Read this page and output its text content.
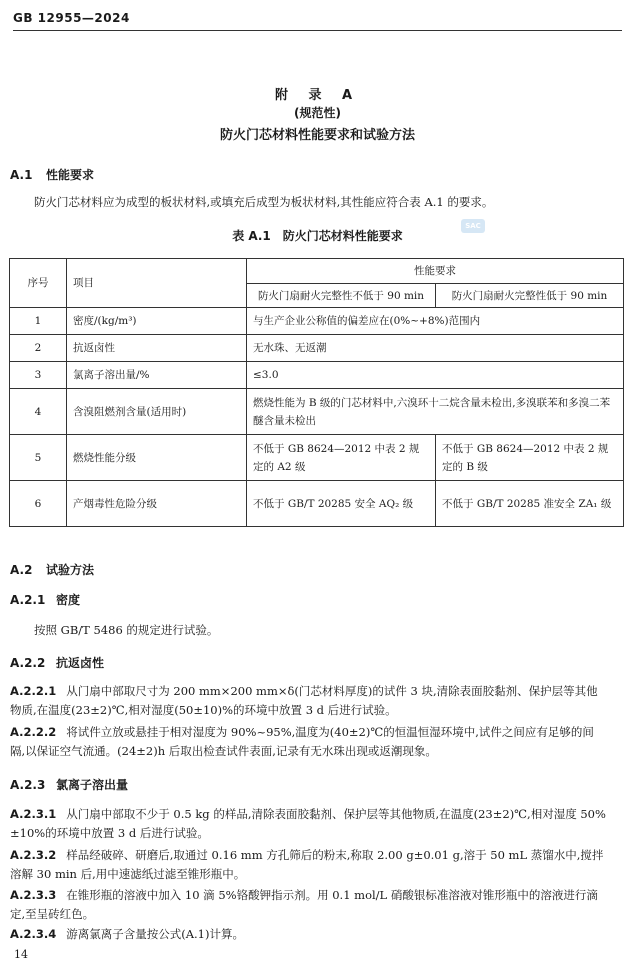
GB 12955—2024
附 录 A
(规范性)
防火门芯材料性能要求和试验方法
A.1 性能要求
防火门芯材料应为成型的板状材料,或填充后成型为板状材料,其性能应符合表 A.1 的要求。
SAC
表 A.1 防火门芯材料性能要求
序号	项目	性能要求	
		防火门扇耐火完整性不低于 90 min	防火门扇耐火完整性低于 90 min
1	密度/(kg/m³)	与生产企业公称值的偏差应在(0%~+8%)范围内	
2	抗返卤性	无水珠、无返潮	
3	氯离子溶出量/%	≤3.0	
4	含溴阻燃剂含量(适用时)	燃烧性能为 B 级的门芯材料中,六溴环十二烷含量未检出,多溴联苯和多溴二苯醚含量未检出	
5	燃烧性能分级	不低于 GB 8624—2012 中表 2 规定的 A2 级	不低于 GB 8624—2012 中表 2 规定的 B 级
6	产烟毒性危险分级	不低于 GB/T 20285 安全 AQ₂ 级	不低于 GB/T 20285 准安全 ZA₁ 级
A.2 试验方法
A.2.1 密度
按照 GB/T 5486 的规定进行试验。
A.2.2 抗返卤性
A.2.2.1 从门扇中部取尺寸为 200 mm×200 mm×δ(门芯材料厚度)的试件 3 块,清除表面胶黏剂、保护层等其他物质,在温度(23±2)℃,相对湿度(50±10)%的环境中放置 3 d 后进行试验。
A.2.2.2 将试件立放或悬挂于相对湿度为 90%~95%,温度为(40±2)℃的恒温恒湿环境中,试件之间应有足够的间隔,以保证空气流通。(24±2)h 后取出检查试件表面,记录有无水珠出现或返潮现象。
A.2.3 氯离子溶出量
A.2.3.1 从门扇中部取不少于 0.5 kg 的样品,清除表面胶黏剂、保护层等其他物质,在温度(23±2)℃,相对湿度 50%±10%的环境中放置 3 d 后进行试验。
A.2.3.2 样品经破碎、研磨后,取通过 0.16 mm 方孔筛后的粉末,称取 2.00 g±0.01 g,溶于 50 mL 蒸馏水中,搅拌溶解 30 min 后,用中速滤纸过滤至锥形瓶中。
A.2.3.3 在锥形瓶的溶液中加入 10 滴 5%铬酸钾指示剂。用 0.1 mol/L 硝酸银标准溶液对锥形瓶中的溶液进行滴定,至呈砖红色。
A.2.3.4 游离氯离子含量按公式(A.1)计算。
14
